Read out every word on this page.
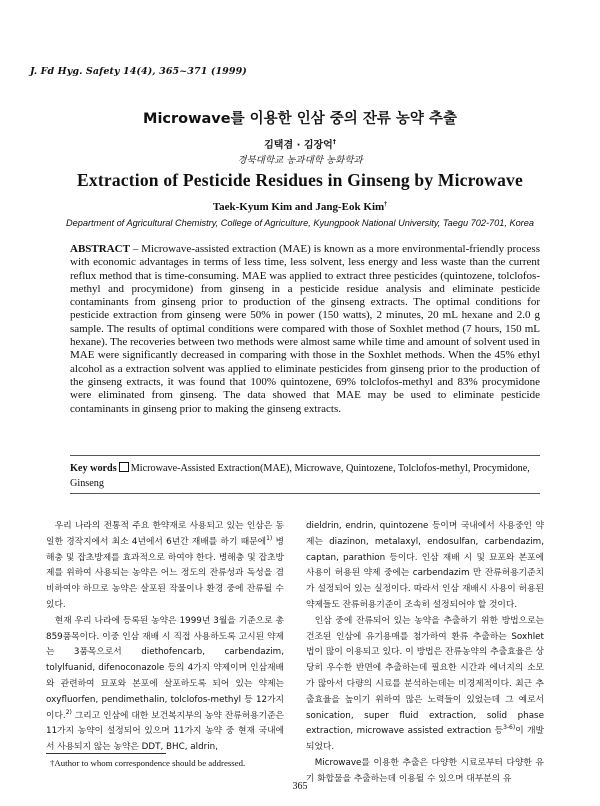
J. Fd Hyg. Safety 14(4), 365~371 (1999)
Microwave를 이용한 인삼 중의 잔류 농약 추출
김택겸 · 김장억†
경북대학교 농과대학 농화학과
Extraction of Pesticide Residues in Ginseng by Microwave
Taek-Kyum Kim and Jang-Eok Kim†
Department of Agricultural Chemistry, College of Agriculture, Kyungpook National University, Taegu 702-701, Korea
ABSTRACT – Microwave-assisted extraction (MAE) is known as a more environmental-friendly process with economic advantages in terms of less time, less solvent, less energy and less waste than the current reflux method that is time-consuming. MAE was applied to extract three pesticides (quintozene, tolclofos-methyl and procymidone) from ginseng in a pesticide residue analysis and eliminate pesticide contaminants from ginseng prior to production of the ginseng extracts. The optimal conditions for pesticide extraction from ginseng were 50% in power (150 watts), 2 minutes, 20 mL hexane and 2.0 g sample. The results of optimal conditions were compared with those of Soxhlet method (7 hours, 150 mL hexane). The recoveries between two methods were almost same while time and amount of solvent used in MAE were significantly decreased in comparing with those in the Soxhlet methods. When the 45% ethyl alcohol as a extraction solvent was applied to eliminate pesticides from ginseng prior to the production of the ginseng extracts, it was found that 100% quintozene, 69% tolclofos-methyl and 83% procymidone were eliminated from ginseng. The data showed that MAE may be used to eliminate pesticide contaminants in ginseng prior to making the ginseng extracts.
Key words Microwave-Assisted Extraction(MAE), Microwave, Quintozene, Tolclofos-methyl, Procymidone, Ginseng

우리 나라의 전통적 주요 한약재로 사용되고 있는 인삼은 동일한 경작지에서 최소 4년에서 6년간 재배를 하기 때문에$^{1)}$ 병해충 및 잡초방제를 효과적으로 하여야 한다. 병해충 및 잡초방제를 위하여 사용되는 농약은 어느 정도의 잔류성과 독성을 겸비하여야 하므로 농약은 살포된 작물이나 환경 중에 잔류될 수 있다.

현재 우리 나라에 등록된 농약은 1999년 3월을 기준으로 총 859품목이다. 이중 인삼 재배 시 직접 사용하도록 고시된 약제는 3품목으로서 diethofencarb, carbendazim, tolylfuanid, difenoconazole 등의 4가지 약제이며 인삼재배와 관련하여 묘포와 본포에 살포하도록 되어 있는 약제는 oxyfluorfen, pendimethalin, tolclofos-methyl 등 12가지이다.$^{2)}$ 그리고 인삼에 대한 보건복지부의 농약 잔류허용기준은 11가지 농약이 설정되어 있으며 11가지 농약 중 현재 국내에서 사용되지 않는 농약은 DDT, BHC, aldrin,

dieldrin, endrin, quintozene 등이며 국내에서 사용중인 약제는 diazinon, metalaxyl, endosulfan, carbendazim, captan, parathion 등이다. 인삼 재배 시 및 묘포와 본포에 사용이 허용된 약제 중에는 carbendazim 만 잔류허용기준치가 설정되어 있는 실정이다. 따라서 인삼 재배시 사용이 허용된 약제들도 잔류허용기준이 조속히 설정되어야 할 것이다.

인삼 중에 잔류되어 있는 농약을 추출하기 위한 방법으로는 건조된 인삼에 유기용매를 첨가하여 환류 추출하는 Soxhlet 법이 많이 이용되고 있다. 이 방법은 잔류농약의 추출효율은 상당히 우수한 반면에 추출하는데 필요한 시간과 에너지의 소모가 많아서 다량의 시료를 분석하는데는 비경제적이다. 최근 추출효율을 높이기 위하여 많은 노력들이 있었는데 그 예로서 sonication, super fluid extraction, solid phase extraction, microwave assisted extraction 등$^{3-6)}$이 개발되었다.

Microwave를 이용한 추출은 다양한 시료로부터 다양한 유기 화합물을 추출하는데 이용될 수 있으며 대부분의 유

†Author to whom correspondence should be addressed.
365
